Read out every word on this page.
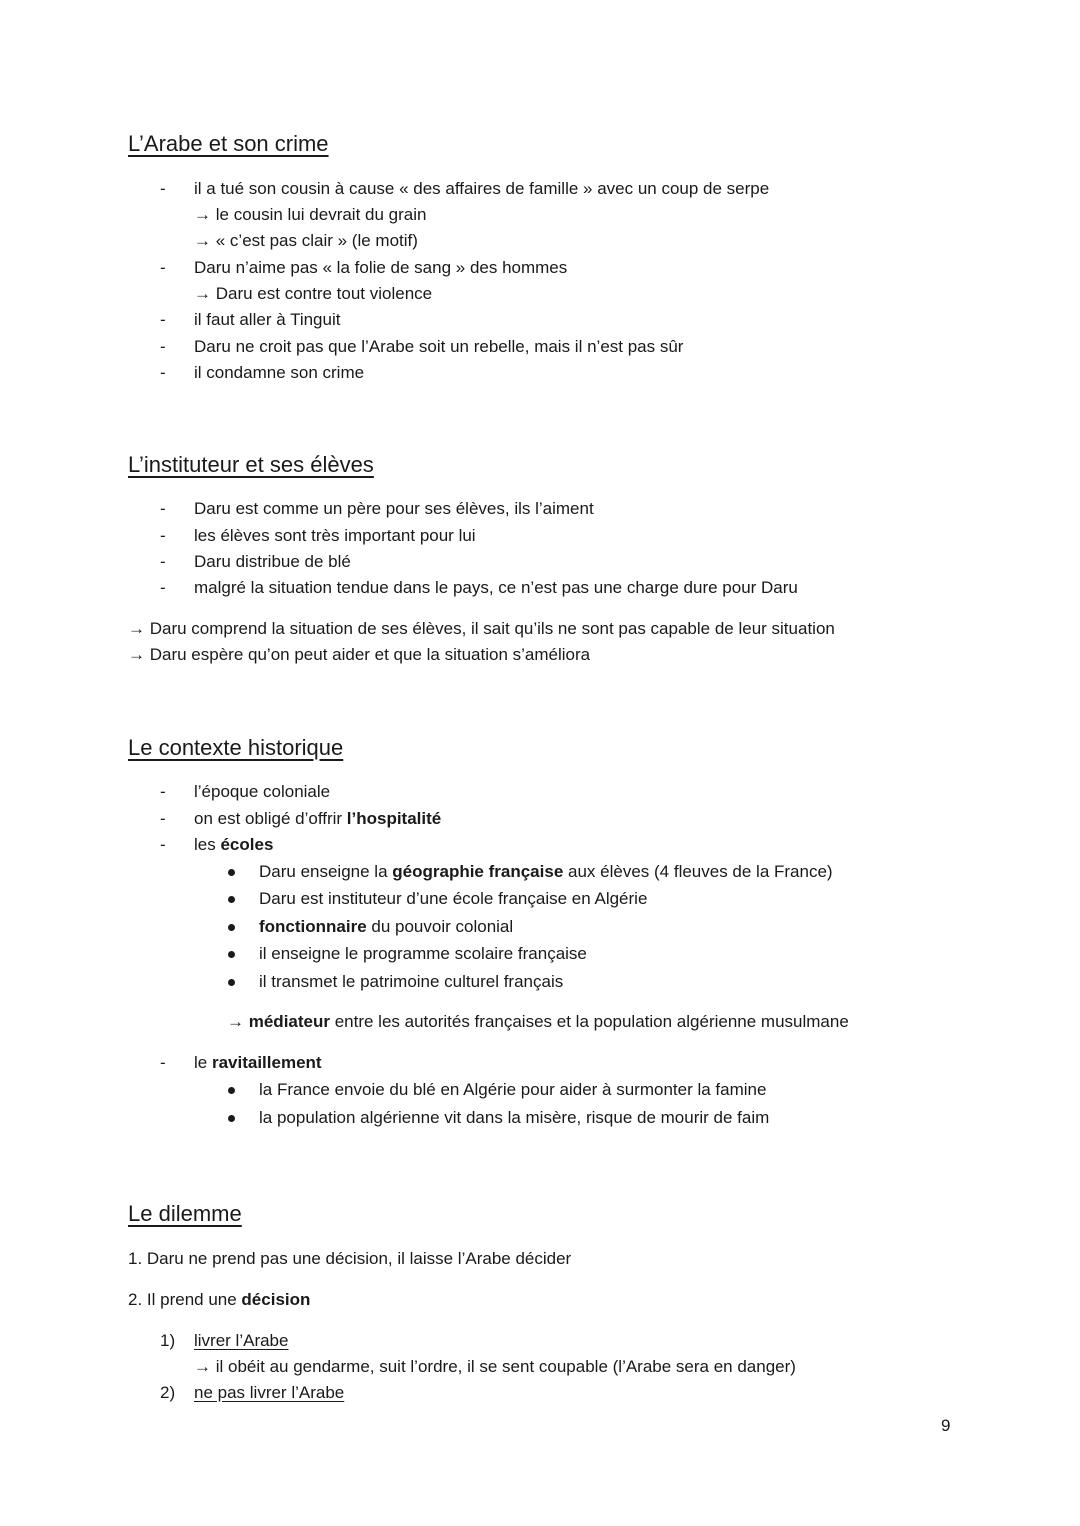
L’Arabe et son crime
- il a tué son cousin à cause « des affaires de famille » avec un coup de serpe
→ le cousin lui devrait du grain
→ « c’est pas clair » (le motif)
- Daru n’aime pas « la folie de sang » des hommes
→ Daru est contre tout violence
- il faut aller à Tinguit
- Daru ne croit pas que l’Arabe soit un rebelle, mais il n’est pas sûr
- il condamne son crime
L’instituteur et ses élèves
- Daru est comme un père pour ses élèves, ils l’aiment
- les élèves sont très important pour lui
- Daru distribue de blé
- malgré la situation tendue dans le pays, ce n’est pas une charge dure pour Daru
→ Daru comprend la situation de ses élèves, il sait qu’ils ne sont pas capable de leur situation
→ Daru espère qu’on peut aider et que la situation s’améliora
Le contexte historique
- l’époque coloniale
- on est obligé d’offrir l’hospitalité
- les écoles
Daru enseigne la géographie française aux élèves (4 fleuves de la France)
Daru est instituteur d’une école française en Algérie
fonctionnaire du pouvoir colonial
il enseigne le programme scolaire française
il transmet le patrimoine culturel français
→ médiateur entre les autorités françaises et la population algérienne musulmane
- le ravitaillement
la France envoie du blé en Algérie pour aider à surmonter la famine
la population algérienne vit dans la misère, risque de mourir de faim
Le dilemme
1. Daru ne prend pas une décision, il laisse l’Arabe décider
2. Il prend une décision
1) livrer l’Arabe
→ il obéit au gendarme, suit l’ordre, il se sent coupable (l’Arabe sera en danger)
2) ne pas livrer l’Arabe
9
